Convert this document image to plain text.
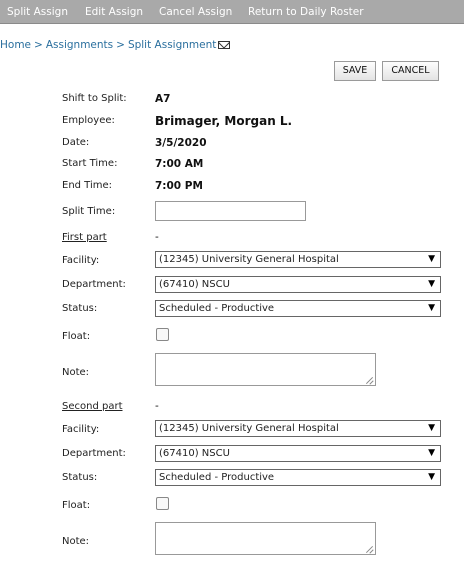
Split Assign Edit Assign Cancel Assign Return to Daily Roster
Home > Assignments > Split Assignment
SAVE	CANCEL
Shift to Split:	A7
Employee:	Brimager, Morgan L.
Date:	3/5/2020
Start Time:	7:00 AM
End Time:	7:00 PM
Split Time:
First part	-
Facility:	(12345) University General Hospital	▼
Department:	(67410) NSCU	▼
Status:	Scheduled - Productive	▼
Float:
Note:
Second part	-
Facility:	(12345) University General Hospital	▼
Department:	(67410) NSCU	▼
Status:	Scheduled - Productive	▼
Float:
Note:
